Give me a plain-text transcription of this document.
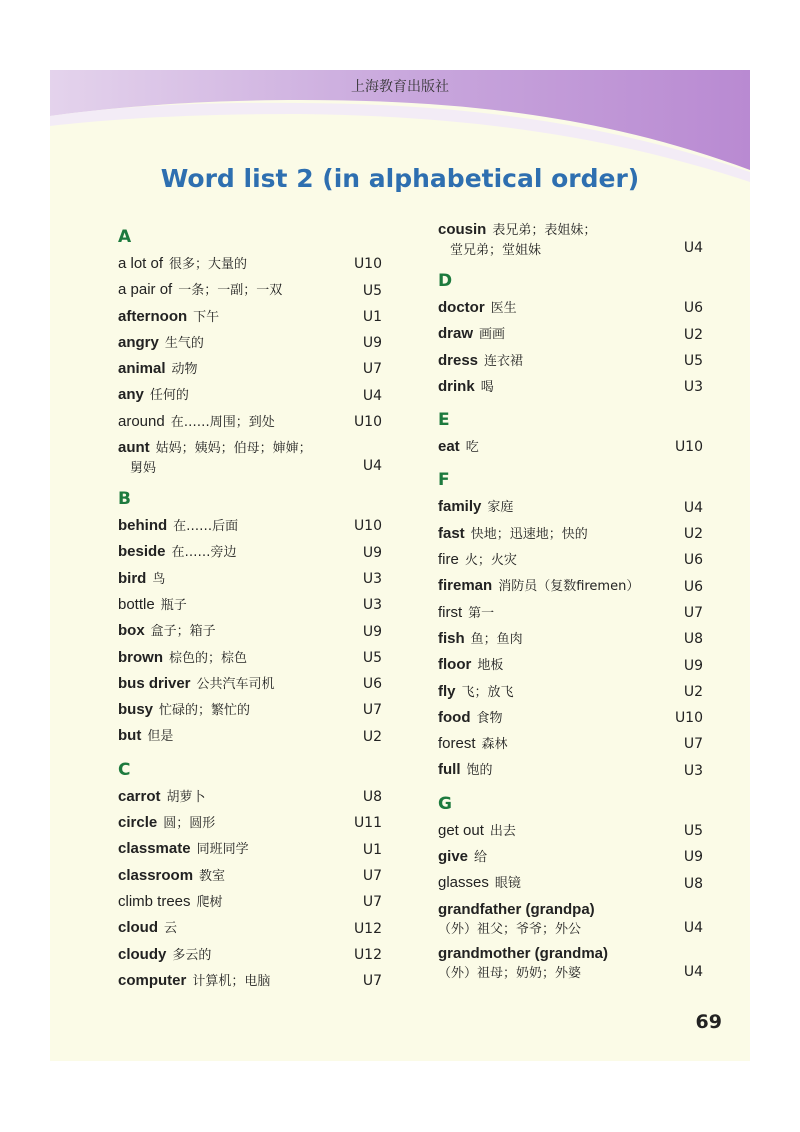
上海教育出版社
Word list 2 (in alphabetical order)
A
a lot of 很多；大量的	U10
a pair of 一条；一副；一双	U5
afternoon 下午	U1
angry 生气的	U9
animal 动物	U7
any 任何的	U4
around 在……周围；到处	U10
aunt 姑妈；姨妈；伯母；婶婶；
舅妈	U4
B
behind 在……后面	U10
beside 在……旁边	U9
bird 鸟	U3
bottle 瓶子	U3
box 盒子；箱子	U9
brown 棕色的；棕色	U5
bus driver 公共汽车司机	U6
busy 忙碌的；繁忙的	U7
but 但是	U2
C
carrot 胡萝卜	U8
circle 圆；圆形	U11
classmate 同班同学	U1
classroom 教室	U7
climb trees 爬树	U7
cloud 云	U12
cloudy 多云的	U12
computer 计算机；电脑	U7
cousin 表兄弟；表姐妹；
堂兄弟；堂姐妹	U4
D
doctor 医生	U6
draw 画画	U2
dress 连衣裙	U5
drink 喝	U3
E
eat 吃	U10
F
family 家庭	U4
fast 快地；迅速地；快的	U2
fire 火；火灾	U6
fireman 消防员（复数firemen）	U6
first 第一	U7
fish 鱼；鱼肉	U8
floor 地板	U9
fly 飞；放飞	U2
food 食物	U10
forest 森林	U7
full 饱的	U3
G
get out 出去	U5
give 给	U9
glasses 眼镜	U8
grandfather (grandpa)
（外）祖父；爷爷；外公	U4
grandmother (grandma)
（外）祖母；奶奶；外婆	U4
69
